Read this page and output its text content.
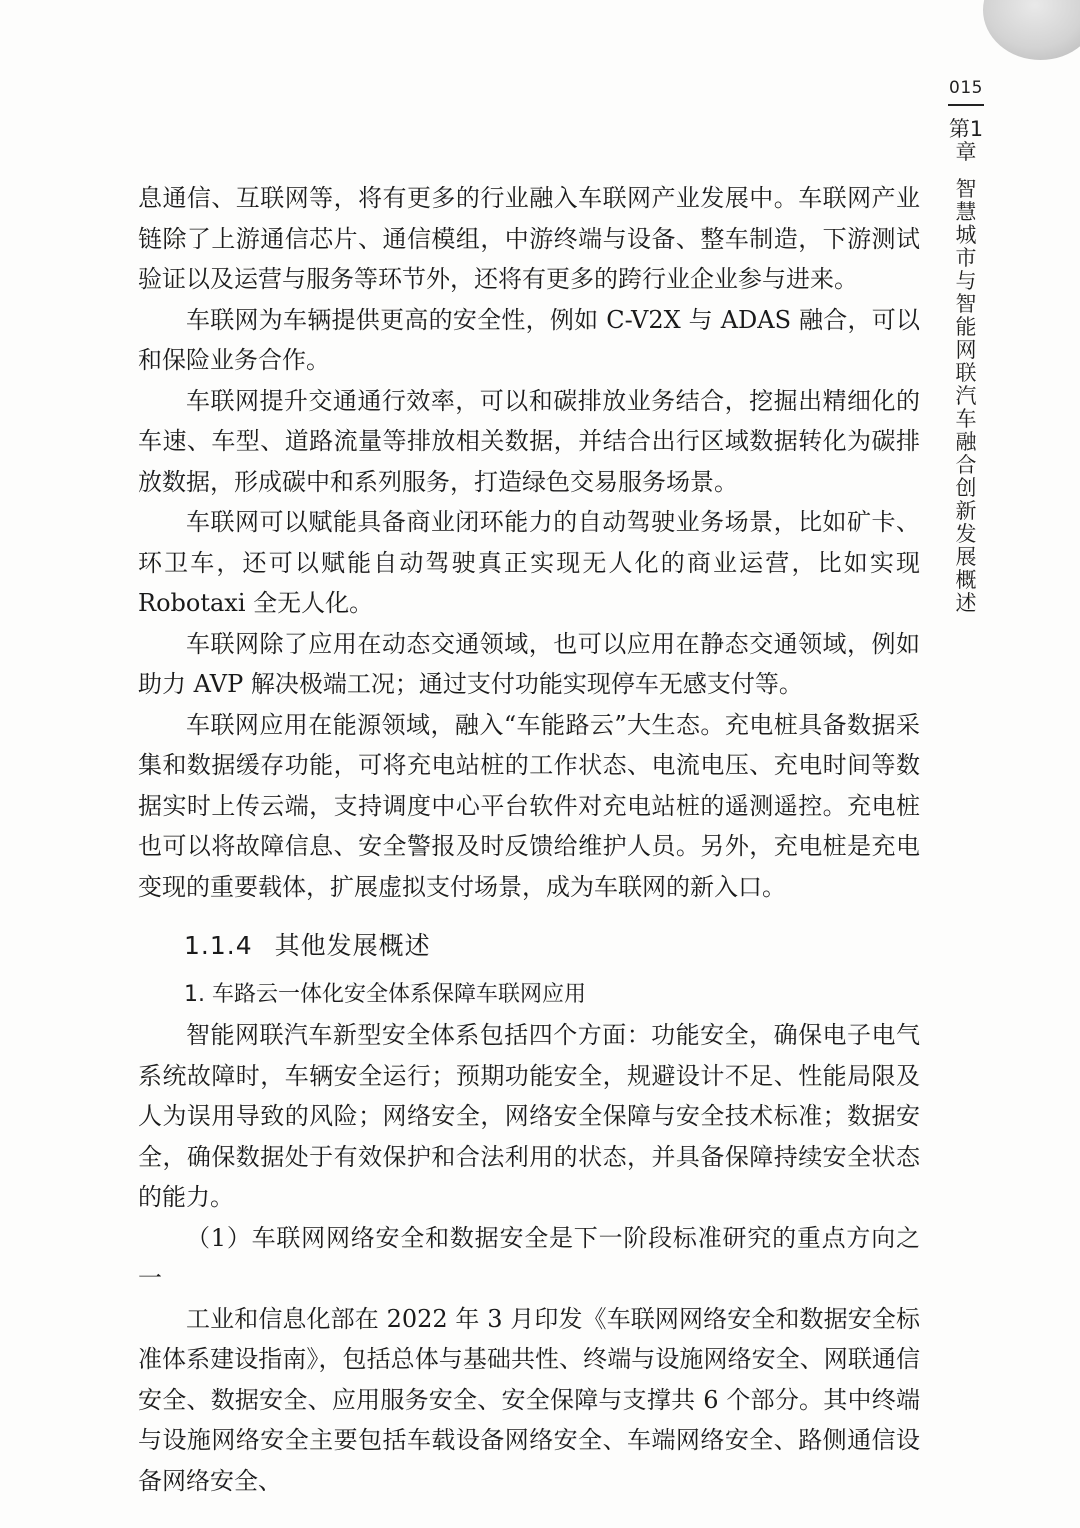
015
第1章
智慧城市与智能网联汽车融合创新发展概述

息通信、互联网等，将有更多的行业融入车联网产业发展中。车联网产业链除了上游通信芯片、通信模组，中游终端与设备、整车制造，下游测试验证以及运营与服务等环节外，还将有更多的跨行业企业参与进来。

车联网为车辆提供更高的安全性，例如 C-V2X 与 ADAS 融合，可以和保险业务合作。

车联网提升交通通行效率，可以和碳排放业务结合，挖掘出精细化的车速、车型、道路流量等排放相关数据，并结合出行区域数据转化为碳排放数据，形成碳中和系列服务，打造绿色交易服务场景。

车联网可以赋能具备商业闭环能力的自动驾驶业务场景，比如矿卡、环卫车，还可以赋能自动驾驶真正实现无人化的商业运营，比如实现 Robotaxi 全无人化。

车联网除了应用在动态交通领域，也可以应用在静态交通领域，例如助力 AVP 解决极端工况；通过支付功能实现停车无感支付等。

车联网应用在能源领域，融入“车能路云”大生态。充电桩具备数据采集和数据缓存功能，可将充电站桩的工作状态、电流电压、充电时间等数据实时上传云端，支持调度中心平台软件对充电站桩的遥测遥控。充电桩也可以将故障信息、安全警报及时反馈给维护人员。另外，充电桩是充电变现的重要载体，扩展虚拟支付场景，成为车联网的新入口。

1.1.4 其他发展概述

1. 车路云一体化安全体系保障车联网应用

智能网联汽车新型安全体系包括四个方面：功能安全，确保电子电气系统故障时，车辆安全运行；预期功能安全，规避设计不足、性能局限及人为误用导致的风险；网络安全，网络安全保障与安全技术标准；数据安全，确保数据处于有效保护和合法利用的状态，并具备保障持续安全状态的能力。

（1）车联网网络安全和数据安全是下一阶段标准研究的重点方向之一

工业和信息化部在 2022 年 3 月印发《车联网网络安全和数据安全标准体系建设指南》，包括总体与基础共性、终端与设施网络安全、网联通信安全、数据安全、应用服务安全、安全保障与支撑共 6 个部分。其中终端与设施网络安全主要包括车载设备网络安全、车端网络安全、路侧通信设备网络安全、
